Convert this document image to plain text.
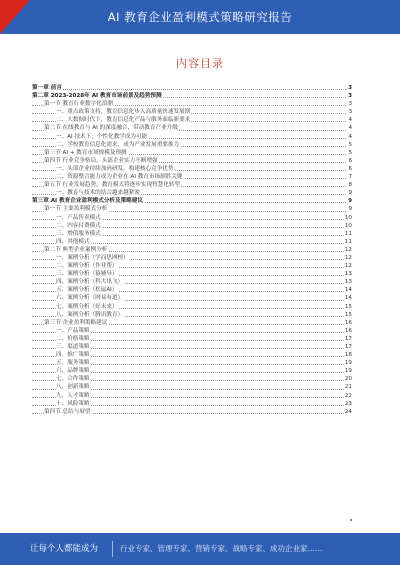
AI 教育企业盈利模式策略研究报告
内容目录
第一章 前言	3
第二章 2023-2028年 AI 教育市场前景及趋势预测	3
第一节 教育行业数字化浪潮	3
一、重点政策支持，教育信息化步入高质量快速发展期	3
二、大数据时代下，教育信息化产品与服务面临新要求	4
第二节 在线教育与 AI 的深度融合，带动教育产业升级	4
一、AI 技术下，个性化教学成为可能	4
二、学校教育信息化需求，成为产业发展重要推力	5
第三节 AI + 教育市场规模及预测	5
第四节 行业竞争格局，头部企业实力不断增强	6
一、头部企业持续加码研发，构建核心竞争优势	6
二、资源整合能力成为企业在 AI 教育市场制胜关键	7
第五节 行业发展趋势，教育模式将逐步实现智慧化转型	8
一、教育与技术的结合越来越紧密	9
第三章 AI 教育企业盈利模式分析及策略建议	9
第一节 主要盈利模式分析	9
一、产品售卖模式	10
二、内容付费模式	10
三、增值服务模式	11
四、其他模式	11
第二节 典型企业案例分析	12
一、案例分析（学而思网校）	12
二、案例分析（作业帮）	12
三、案例分析（猿辅导）	13
四、案例分析（科大讯飞）	13
五、案例分析（松鼠AI）	14
六、案例分析（网易有道）	14
七、案例分析（好未来）	15
八、案例分析（腾讯教育）	15
第三节 企业盈利策略建议	16
一、产品策略	16
二、价格策略	17
三、渠道策略	17
四、推广策略	18
五、服务策略	19
六、品牌策略	19
七、合作策略	20
八、创新策略	21
九、人才策略	22
十、风险策略	23
第四节 总结与展望	24
让每个人都能成为	行业专家、管理专家、营销专家、战略专家、成功企业家……
